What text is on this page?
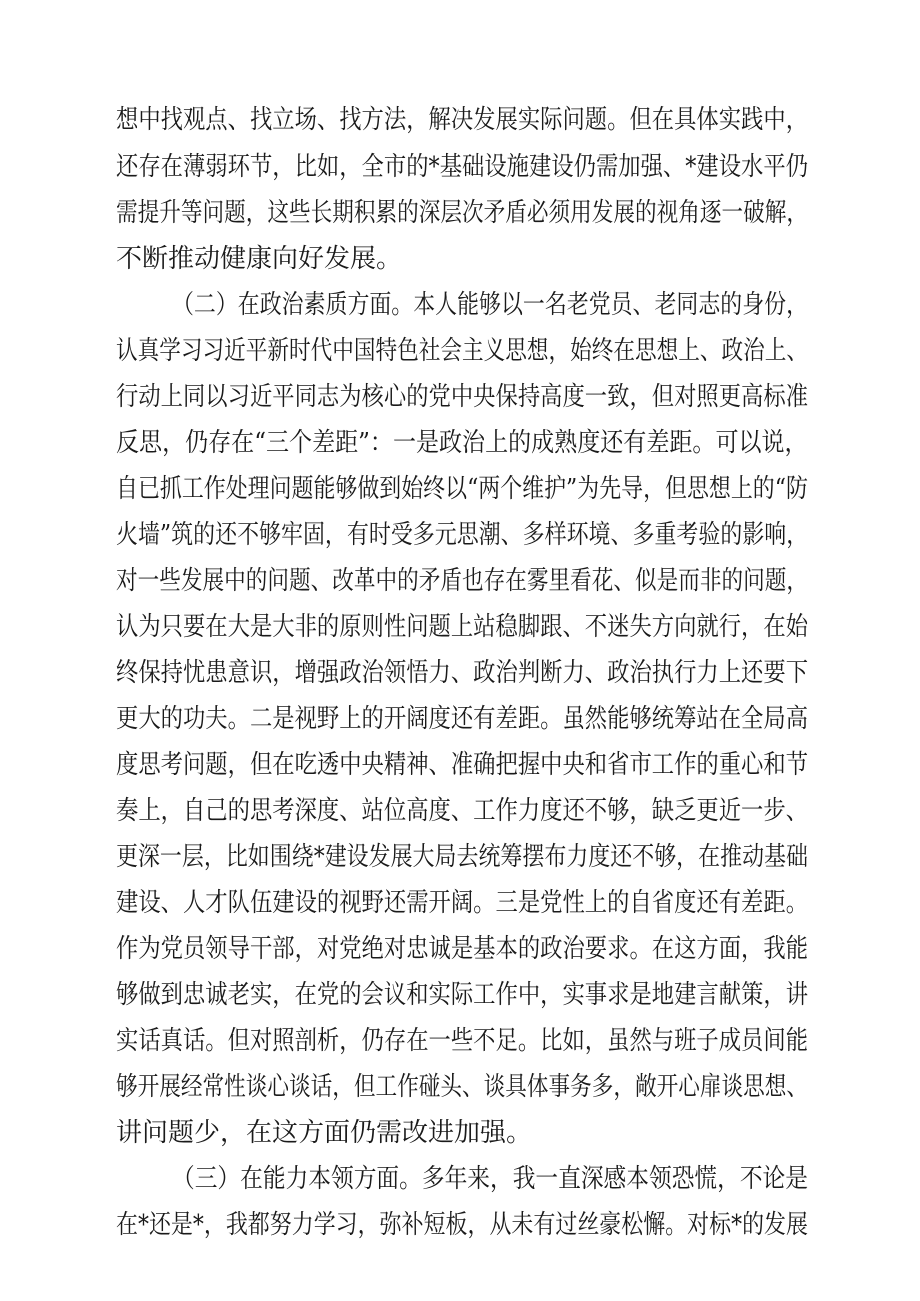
想中找观点、找立场、找方法，解决发展实际问题。但在具体实践中，
还存在薄弱环节，比如，全市的*基础设施建设仍需加强、*建设水平仍
需提升等问题，这些长期积累的深层次矛盾必须用发展的视角逐一破解，
不断推动健康向好发展。
（二）在政治素质方面。本人能够以一名老党员、老同志的身份，
认真学习习近平新时代中国特色社会主义思想，始终在思想上、政治上、
行动上同以习近平同志为核心的党中央保持高度一致，但对照更高标准
反思，仍存在“三个差距”：一是政治上的成熟度还有差距。可以说，
自已抓工作处理问题能够做到始终以“两个维护”为先导，但思想上的“防
火墙”筑的还不够牢固，有时受多元思潮、多样环境、多重考验的影响，
对一些发展中的问题、改革中的矛盾也存在雾里看花、似是而非的问题，
认为只要在大是大非的原则性问题上站稳脚跟、不迷失方向就行，在始
终保持忧患意识，增强政治领悟力、政治判断力、政治执行力上还要下
更大的功夫。二是视野上的开阔度还有差距。虽然能够统筹站在全局高
度思考问题，但在吃透中央精神、准确把握中央和省市工作的重心和节
奏上，自己的思考深度、站位高度、工作力度还不够，缺乏更近一步、
更深一层，比如围绕*建设发展大局去统筹摆布力度还不够，在推动基础
建设、人才队伍建设的视野还需开阔。三是党性上的自省度还有差距。
作为党员领导干部，对党绝对忠诚是基本的政治要求。在这方面，我能
够做到忠诚老实，在党的会议和实际工作中，实事求是地建言献策，讲
实话真话。但对照剖析，仍存在一些不足。比如，虽然与班子成员间能
够开展经常性谈心谈话，但工作碰头、谈具体事务多，敞开心扉谈思想、
讲问题少，在这方面仍需改进加强。
（三）在能力本领方面。多年来，我一直深感本领恐慌，不论是
在*还是*，我都努力学习，弥补短板，从未有过丝豪松懈。对标*的发展
